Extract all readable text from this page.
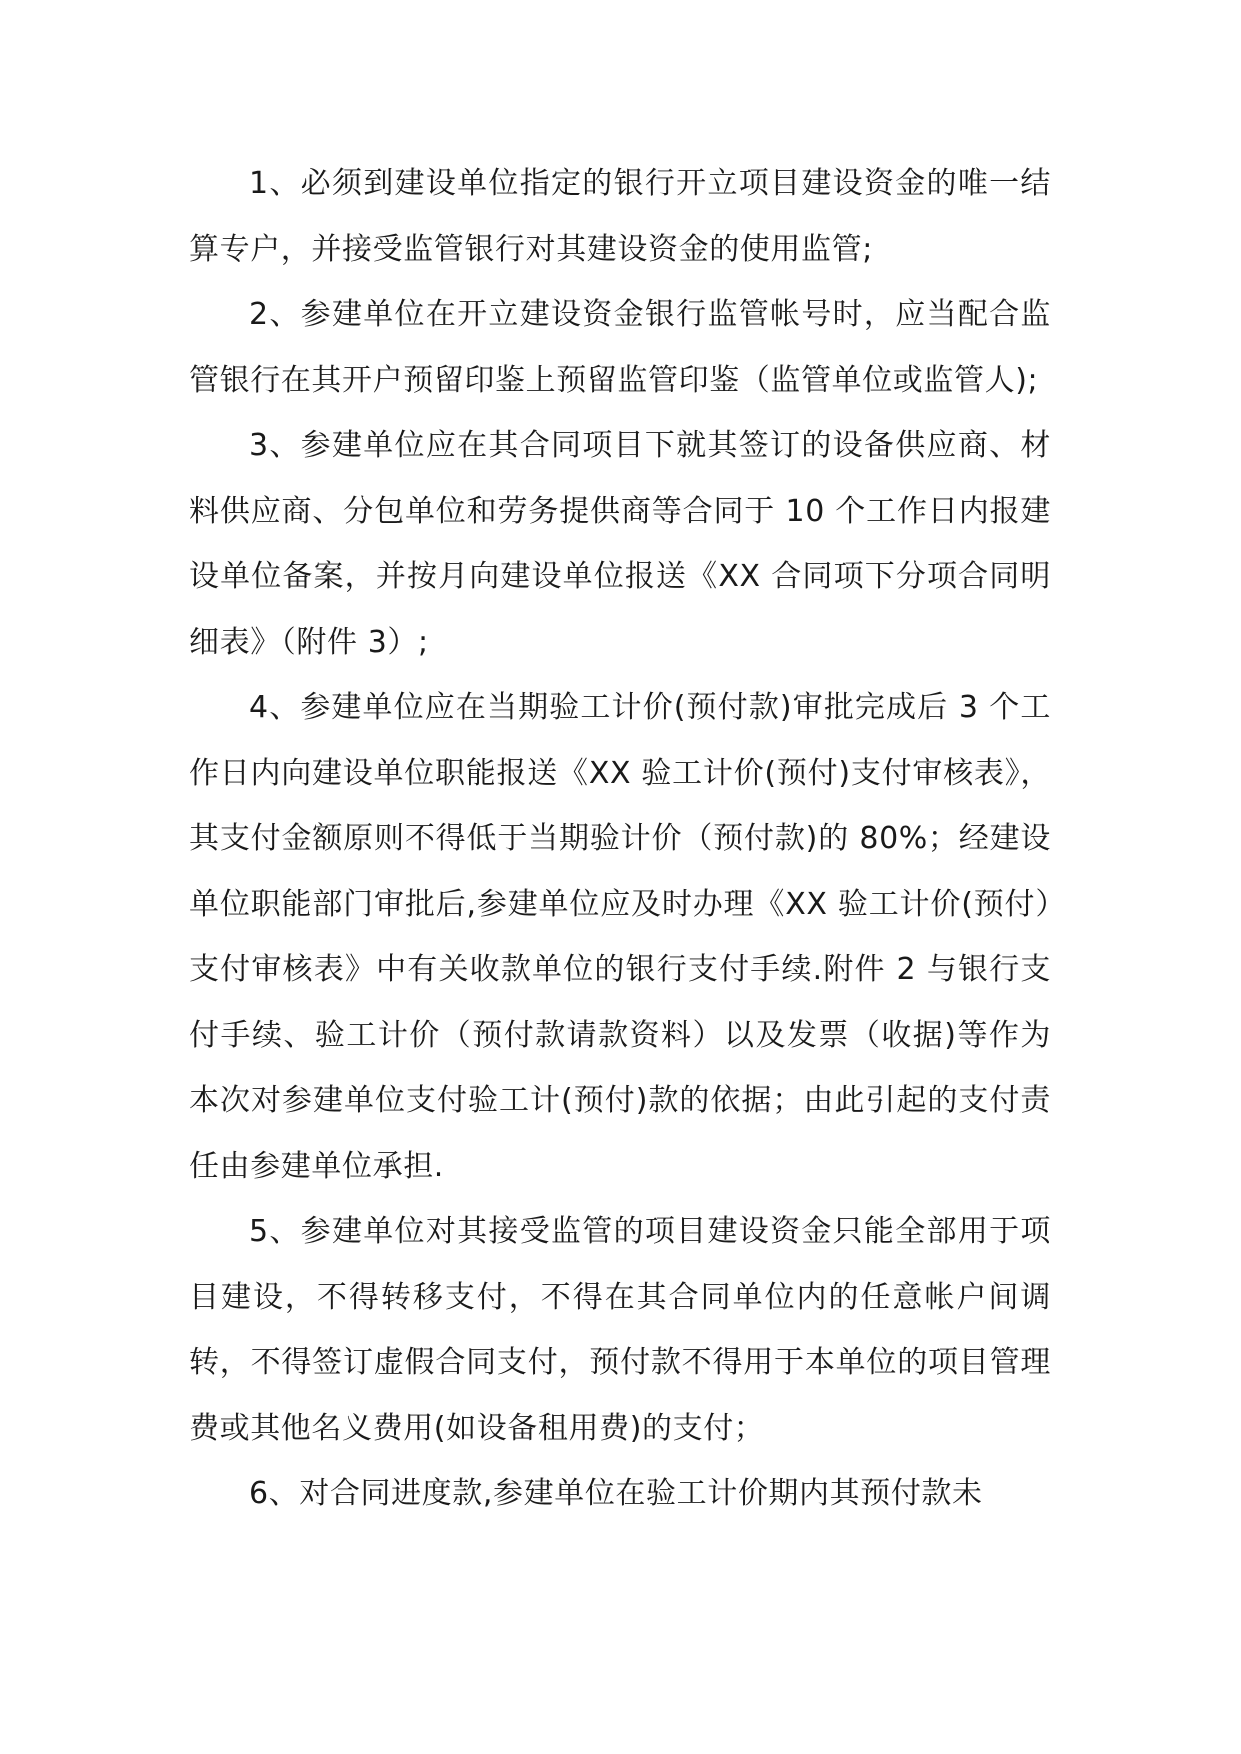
1、必须到建设单位指定的银行开立项目建设资金的唯一结算专户，并接受监管银行对其建设资金的使用监管;

2、参建单位在开立建设资金银行监管帐号时，应当配合监管银行在其开户预留印鉴上预留监管印鉴（监管单位或监管人);

3、参建单位应在其合同项目下就其签订的设备供应商、材料供应商、分包单位和劳务提供商等合同于 10 个工作日内报建设单位备案，并按月向建设单位报送《XX 合同项下分项合同明细表》（附件 3）;

4、参建单位应在当期验工计价(预付款)审批完成后 3 个工作日内向建设单位职能报送《XX 验工计价(预付)支付审核表》，其支付金额原则不得低于当期验计价（预付款)的 80%；经建设单位职能部门审批后,参建单位应及时办理《XX 验工计价(预付）支付审核表》中有关收款单位的银行支付手续.附件 2 与银行支付手续、验工计价（预付款请款资料）以及发票（收据)等作为本次对参建单位支付验工计(预付)款的依据；由此引起的支付责任由参建单位承担.

5、参建单位对其接受监管的项目建设资金只能全部用于项目建设，不得转移支付，不得在其合同单位内的任意帐户间调转，不得签订虚假合同支付，预付款不得用于本单位的项目管理费或其他名义费用(如设备租用费)的支付；

6、对合同进度款,参建单位在验工计价期内其预付款未
